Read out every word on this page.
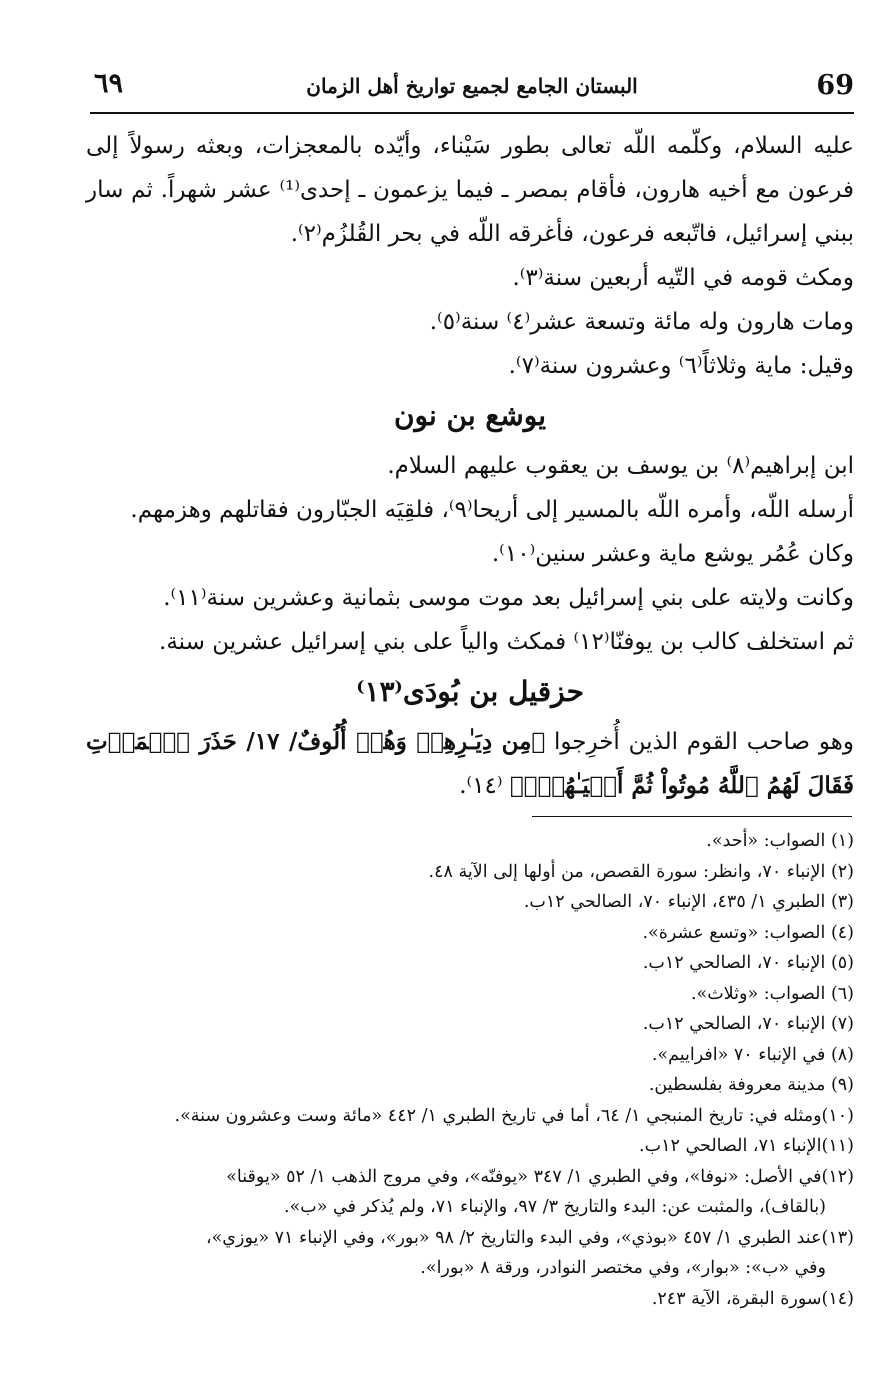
٦٩	البستان الجامع لجميع تواريخ أهل الزمان	69

عليه السلام، وكلّمه اللّه تعالى بطور سَيْناء، وأيّده بالمعجزات، وبعثه رسولاً إلى فرعون مع أخيه هارون، فأقام بمصر ـ فيما يزعمون ـ إحدى⁽¹⁾ عشر شهراً. ثم سار ببني إسرائيل، فاتّبعه فرعون، فأغرقه اللّه في بحر القُلزُم⁽٢⁾.

ومكث قومه في التّيه أربعين سنة⁽٣⁾.

ومات هارون وله مائة وتسعة عشر⁽٤⁾ سنة⁽٥⁾.

وقيل: ماية وثلاثاً⁽٦⁾ وعشرون سنة⁽٧⁾.

يوشع بن نون

ابن إبراهيم⁽٨⁾ بن يوسف بن يعقوب عليهم السلام.

أرسله اللّه، وأمره اللّه بالمسير إلى أريحا⁽٩⁾، فلقِيَه الجبّارون فقاتلهم وهزمهم.

وكان عُمُر يوشع ماية وعشر سنين⁽١٠⁾.

وكانت ولايته على بني إسرائيل بعد موت موسى بثمانية وعشرين سنة⁽١١⁾.

ثم استخلف كالب بن يوفنّا⁽١٢⁾ فمكث والياً على بني إسرائيل عشرين سنة.

حزقيل بن بُودَى⁽١٣⁾

وهو صاحب القوم الذين أُخرِجوا ﴿مِن دِيَـٰرِهِمۡ وَهُمۡ أُلُوفٌ/ ١٧/ حَذَرَ ٱلۡمَوۡتِ فَقَالَ لَهُمُ ٱللَّهُ مُوتُواْ ثُمَّ أَحۡيَـٰهُمۡۚ﴾ ⁽١٤⁾.

(١) الصواب: «أحد».

(٢) الإنباء ٧٠، وانظر: سورة القصص، من أولها إلى الآية ٤٨.

(٣) الطبري ١/ ٤٣٥، الإنباء ٧٠، الصالحي ١٢ب.

(٤) الصواب: «وتسع عشرة».

(٥) الإنباء ٧٠، الصالحي ١٢ب.

(٦) الصواب: «وثلاث».

(٧) الإنباء ٧٠، الصالحي ١٢ب.

(٨) في الإنباء ٧٠ «افراييم».

(٩) مدينة معروفة بفلسطين.

(١٠)ومثله في: تاريخ المنبجي ١/ ٦٤، أما في تاريخ الطبري ١/ ٤٤٢ «مائة وست وعشرون سنة».

(١١)الإنباء ٧١، الصالحي ١٢ب.

(١٢)في الأصل: «نوفا»، وفي الطبري ١/ ٣٤٧ «يوفنّه»، وفي مروج الذهب ١/ ٥٢ «يوقنا»

(بالقاف)، والمثبت عن: البدء والتاريخ ٣/ ٩٧، والإنباء ٧١، ولم يُذكر في «ب».

(١٣)عند الطبري ١/ ٤٥٧ «بوذي»، وفي البدء والتاريخ ٢/ ٩٨ «بور»، وفي الإنباء ٧١ «يوزي»،

وفي «ب»: «بوار»، وفي مختصر النوادر، ورقة ٨ «بورا».

(١٤)سورة البقرة، الآية ٢٤٣.
